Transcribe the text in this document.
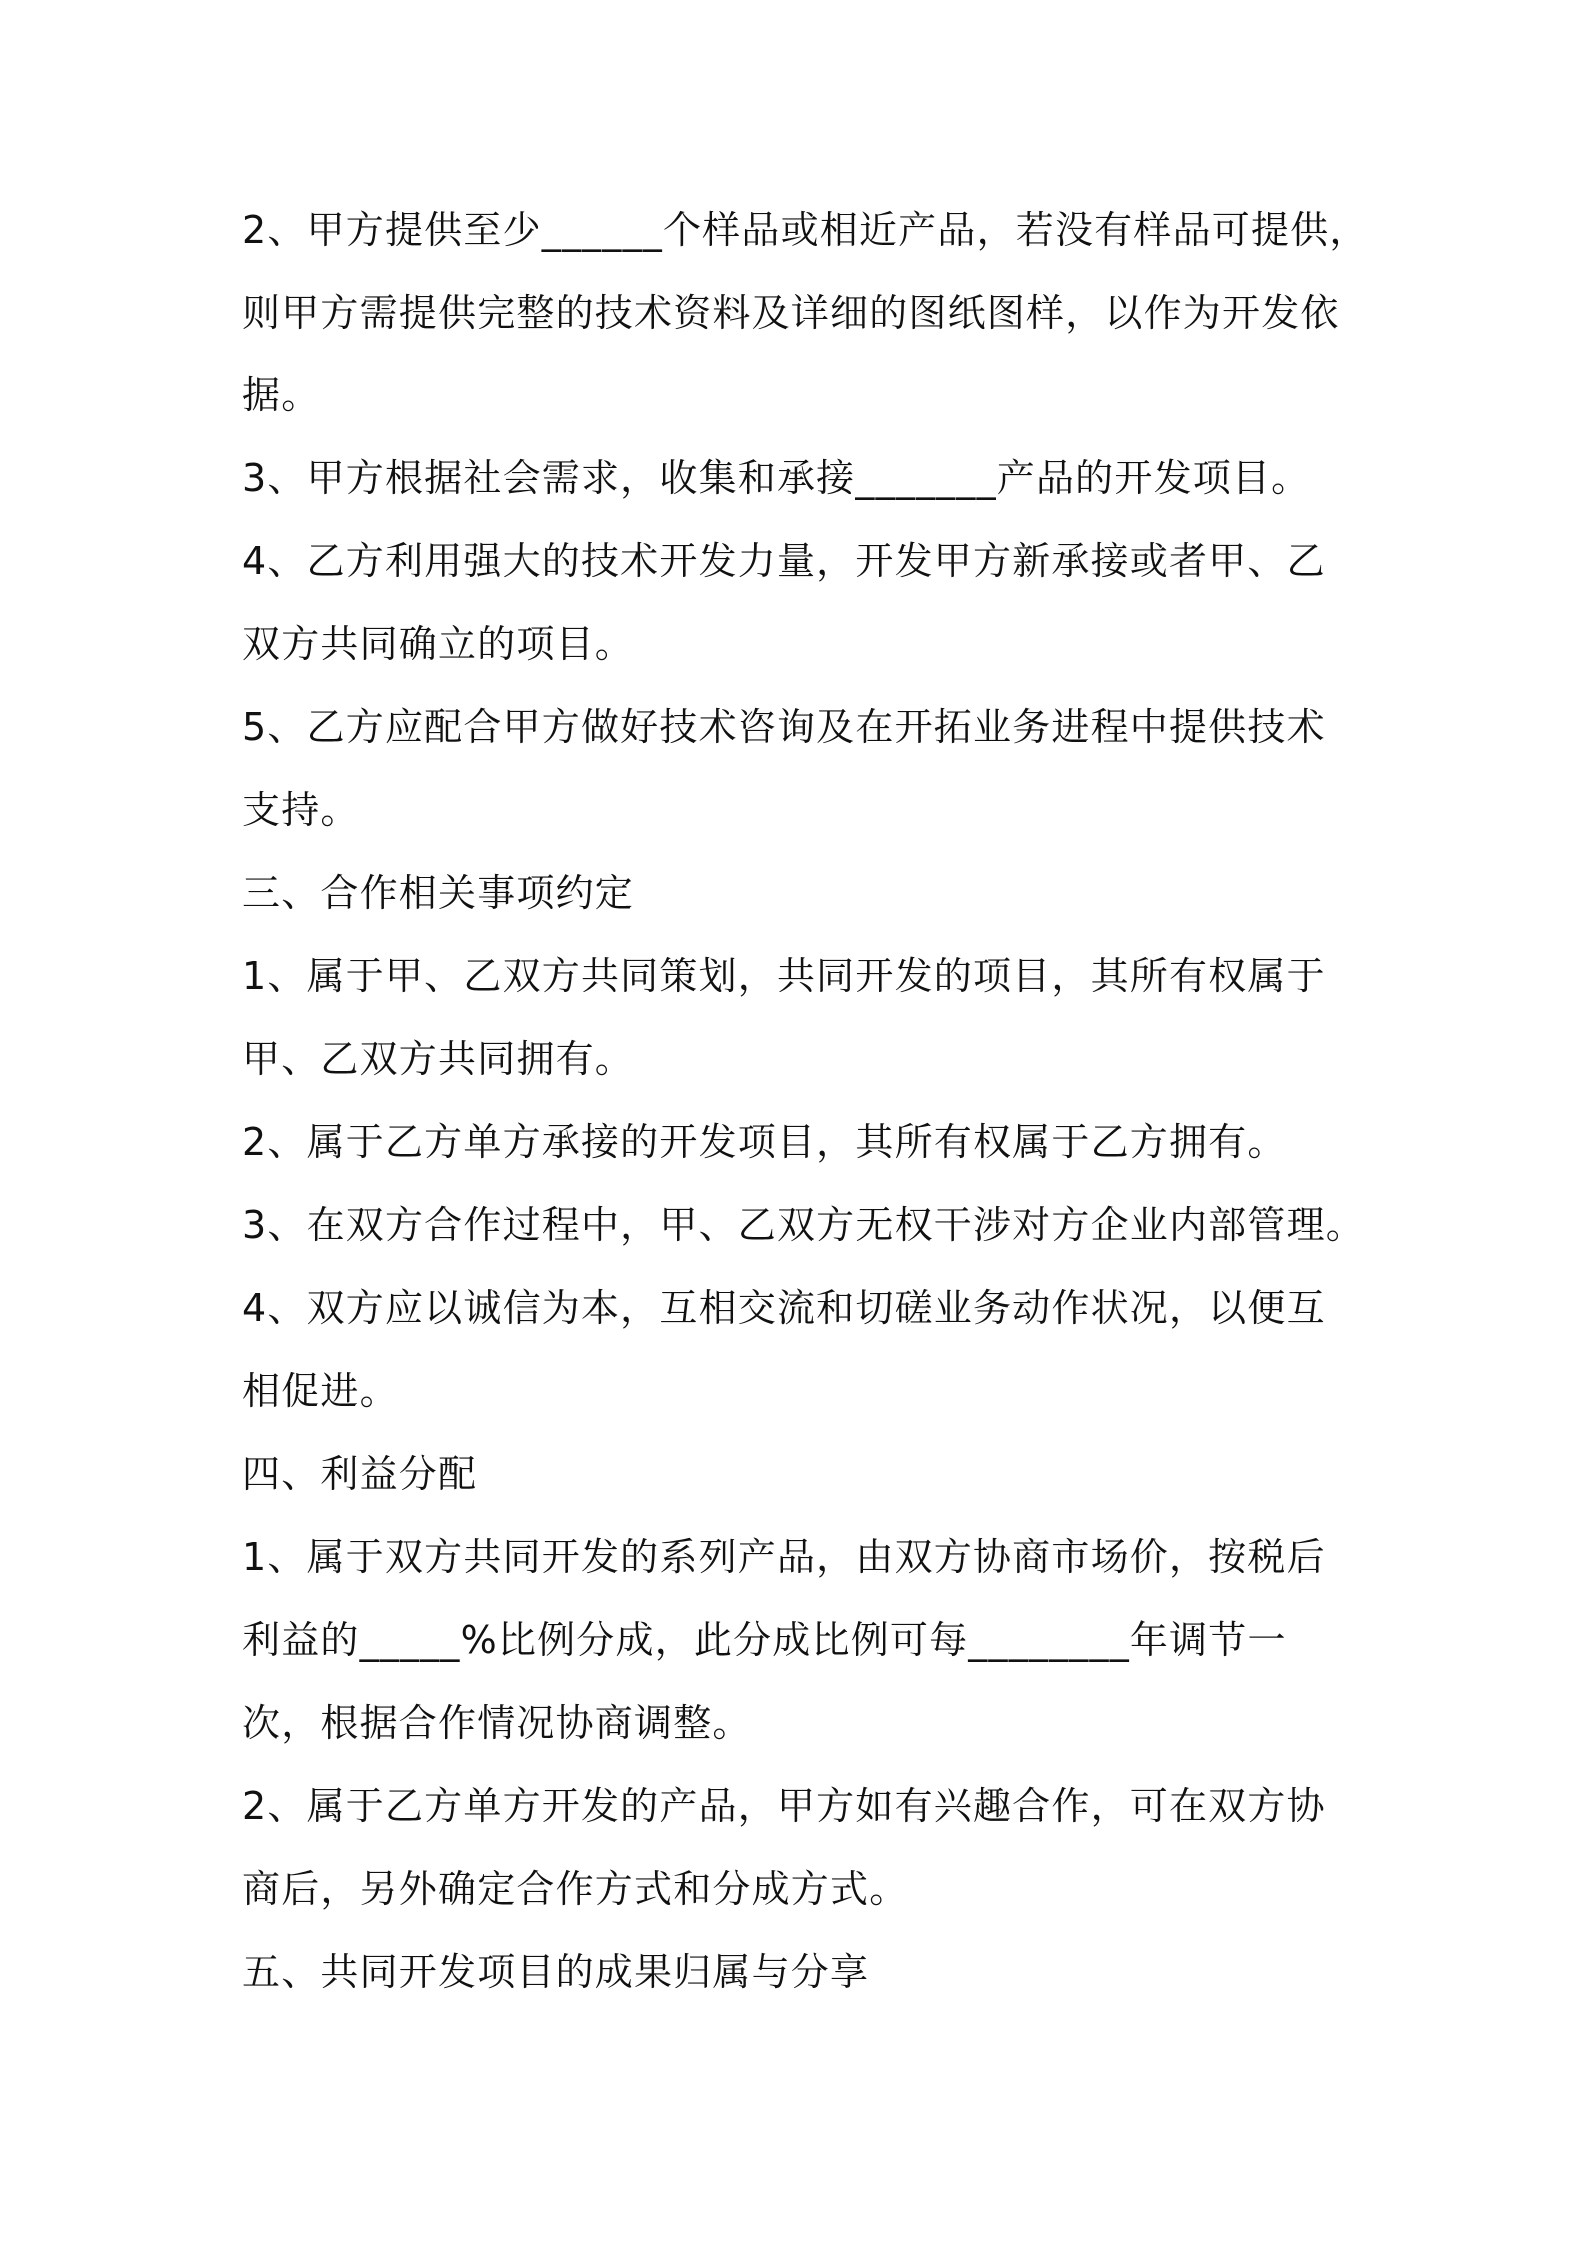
2、甲方提供至少______个样品或相近产品，若没有样品可提供，
则甲方需提供完整的技术资料及详细的图纸图样，以作为开发依
据。
3、甲方根据社会需求，收集和承接_______产品的开发项目。
4、乙方利用强大的技术开发力量，开发甲方新承接或者甲、乙
双方共同确立的项目。
5、乙方应配合甲方做好技术咨询及在开拓业务进程中提供技术
支持。
三、合作相关事项约定
1、属于甲、乙双方共同策划，共同开发的项目，其所有权属于
甲、乙双方共同拥有。
2、属于乙方单方承接的开发项目，其所有权属于乙方拥有。
3、在双方合作过程中，甲、乙双方无权干涉对方企业内部管理。
4、双方应以诚信为本，互相交流和切磋业务动作状况，以便互
相促进。
四、利益分配
1、属于双方共同开发的系列产品，由双方协商市场价，按税后
利益的_____%比例分成，此分成比例可每________年调节一
次，根据合作情况协商调整。
2、属于乙方单方开发的产品，甲方如有兴趣合作，可在双方协
商后，另外确定合作方式和分成方式。
五、共同开发项目的成果归属与分享
